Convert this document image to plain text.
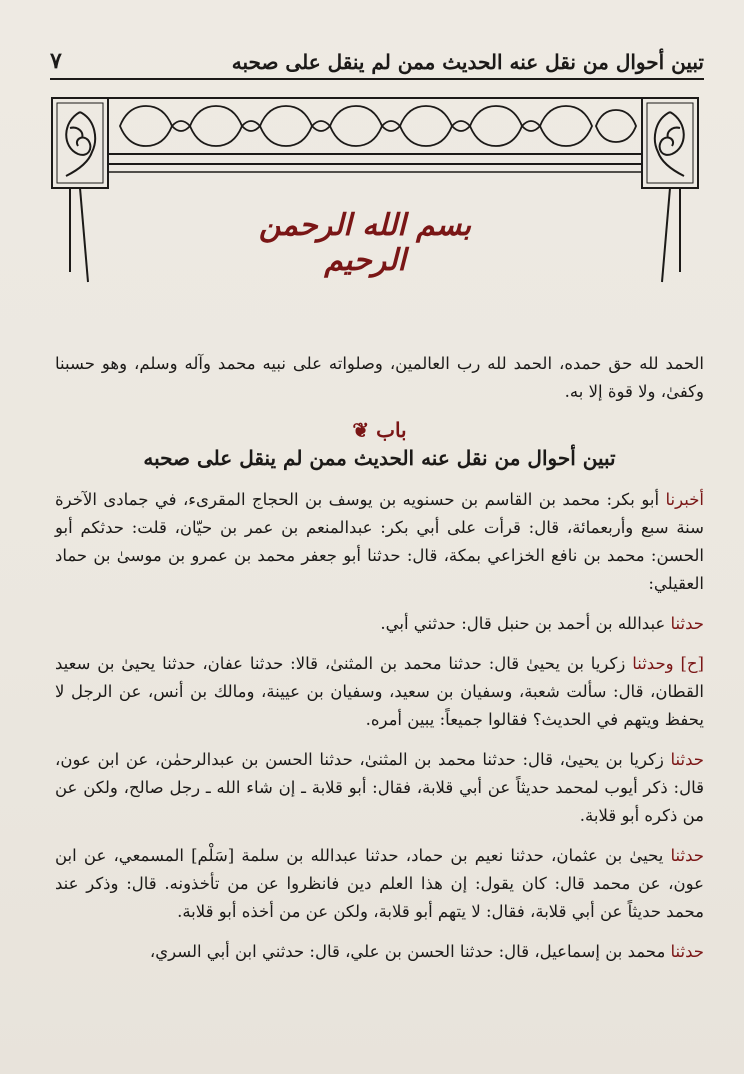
تبين أحوال من نقل عنه الحديث ممن لم ينقل على صحبه
٧
بسم الله الرحمن الرحيم

الحمد لله حق حمده، الحمد لله رب العالمين، وصلواته على نبيه محمد وآله وسلم، وهو حسبنا وكفىٰ، ولا قوة إلا به.

باب ❦
تبين أحوال من نقل عنه الحديث ممن لم ينقل على صحبه

أخبرنا أبو بكر: محمد بن القاسم بن حسنويه بن يوسف بن الحجاج المقرىء، في جمادى الآخرة سنة سبع وأربعمائة، قال: قرأت على أبي بكر: عبدالمنعم بن عمر بن حيّان، قلت: حدثكم أبو الحسن: محمد بن نافع الخزاعي بمكة، قال: حدثنا أبو جعفر محمد بن عمرو بن موسىٰ بن حماد العقيلي:

حدثنا عبدالله بن أحمد بن حنبل قال: حدثني أبي.

[ح] وحدثنا زكريا بن يحيىٰ قال: حدثنا محمد بن المثنىٰ، قالا: حدثنا عفان، حدثنا يحيىٰ بن سعيد القطان، قال: سألت شعبة، وسفيان بن سعيد، وسفيان بن عيينة، ومالك بن أنس، عن الرجل لا يحفظ ويتهم في الحديث؟ فقالوا جميعاً: يبين أمره.

حدثنا زكريا بن يحيىٰ، قال: حدثنا محمد بن المثنىٰ، حدثنا الحسن بن عبدالرحمٰن، عن ابن عون، قال: ذكر أيوب لمحمد حديثاً عن أبي قلابة، فقال: أبو قلابة ـ إن شاء الله ـ رجل صالح، ولكن عن من ذكره أبو قلابة.

حدثنا يحيىٰ بن عثمان، حدثنا نعيم بن حماد، حدثنا عبدالله بن سلمة [سَلْم] المسمعي، عن ابن عون، عن محمد قال: كان يقول: إن هذا العلم دين فانظروا عن من تأخذونه. قال: وذكر عند محمد حديثاً عن أبي قلابة، فقال: لا يتهم أبو قلابة، ولكن عن من أخذه أبو قلابة.

حدثنا محمد بن إسماعيل، قال: حدثنا الحسن بن علي، قال: حدثني ابن أبي السري،
